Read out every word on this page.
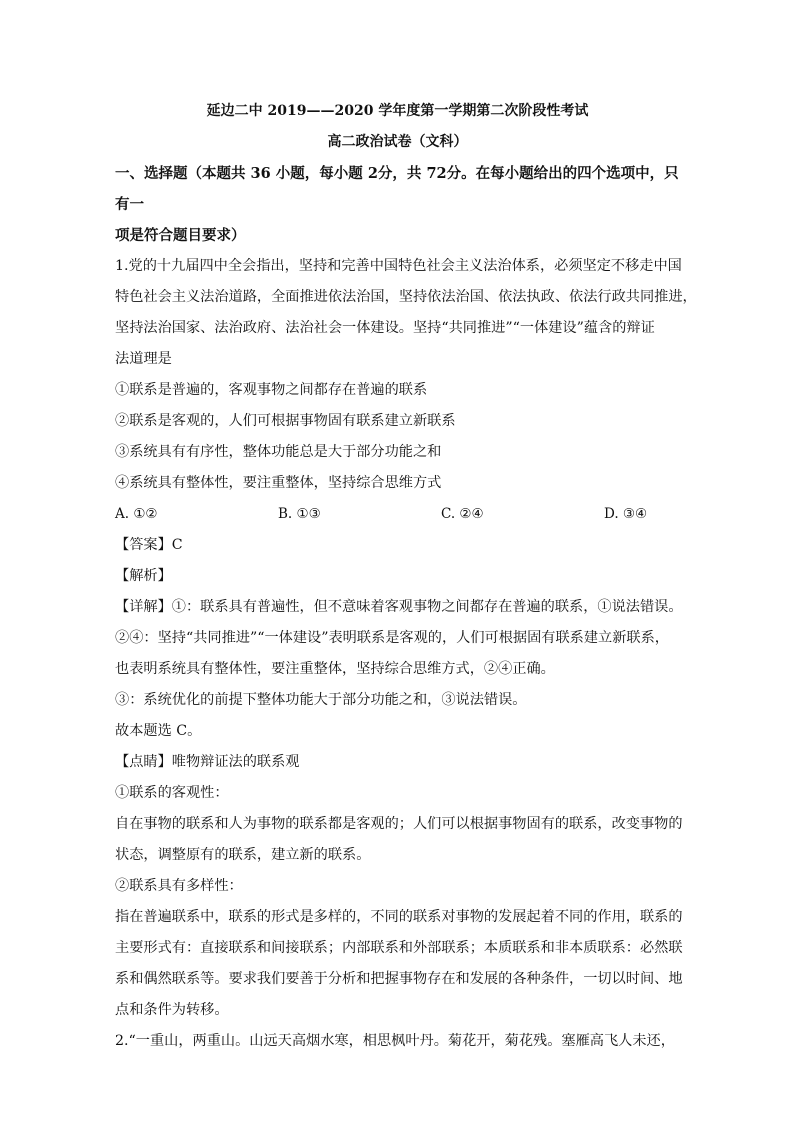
延边二中 2019——2020 学年度第一学期第二次阶段性考试
高二政治试卷（文科）
一、选择题（本题共 36 小题，每小题 2分，共 72分。在每小题给出的四个选项中，只有一
项是符合题目要求）
1.党的十九届四中全会指出，坚持和完善中国特色社会主义法治体系，必须坚定不移走中国
特色社会主义法治道路，全面推进依法治国，坚持依法治国、依法执政、依法行政共同推进，
坚持法治国家、法治政府、法治社会一体建设。坚持“共同推进”“一体建设”蕴含的辩证
法道理是
①联系是普遍的，客观事物之间都存在普遍的联系
②联系是客观的，人们可根据事物固有联系建立新联系
③系统具有有序性，整体功能总是大于部分功能之和
④系统具有整体性，要注重整体，坚持综合思维方式
A. ①②	B. ①③	C. ②④	D. ③④
【答案】C
【解析】
【详解】①：联系具有普遍性，但不意味着客观事物之间都存在普遍的联系，①说法错误。
②④：坚持“共同推进”“一体建设”表明联系是客观的，人们可根据固有联系建立新联系，
也表明系统具有整体性，要注重整体，坚持综合思维方式，②④正确。
③：系统优化的前提下整体功能大于部分功能之和，③说法错误。
故本题选 C。
【点睛】唯物辩证法的联系观
①联系的客观性：
自在事物的联系和人为事物的联系都是客观的；人们可以根据事物固有的联系，改变事物的
状态，调整原有的联系，建立新的联系。
②联系具有多样性：
指在普遍联系中，联系的形式是多样的，不同的联系对事物的发展起着不同的作用，联系的
主要形式有：直接联系和间接联系；内部联系和外部联系；本质联系和非本质联系：必然联
系和偶然联系等。要求我们要善于分析和把握事物存在和发展的各种条件，一切以时间、地
点和条件为转移。
2.“一重山，两重山。山远天高烟水寒，相思枫叶丹。菊花开，菊花残。塞雁高飞人未还，
